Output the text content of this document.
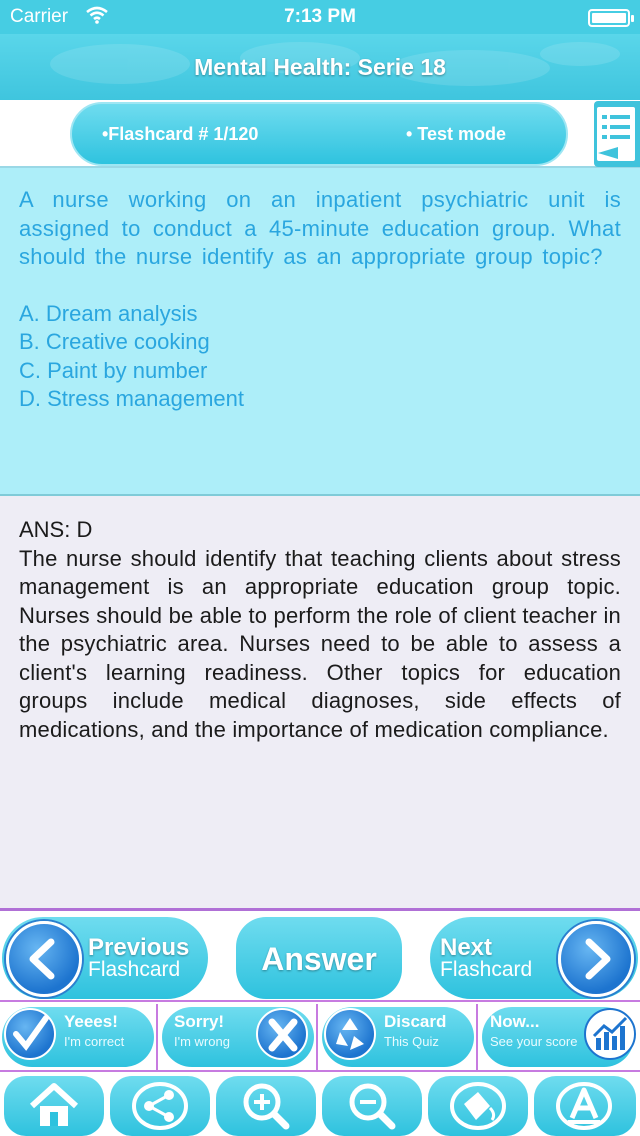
Carrier	7:13 PM
Mental Health: Serie 18
•Flashcard # 1/120	• Test mode
A nurse working on an inpatient psychiatric unit is assigned to conduct a 45-minute education group. What should the nurse identify as an appropriate group topic?
A. Dream analysis
B. Creative cooking
C. Paint by number
D. Stress management
ANS: D
The nurse should identify that teaching clients about stress management is an appropriate education group topic. Nurses should be able to perform the role of client teacher in the psychiatric area. Nurses need to be able to assess a client's learning readiness. Other topics for education groups include medical diagnoses, side effects of medications, and the importance of medication compliance.
Previous
Flashcard	Answer	Next
Flashcard
Yeees!
I'm correct
Sorry!
I'm wrong
Discard
This Quiz
Now...
See your score
